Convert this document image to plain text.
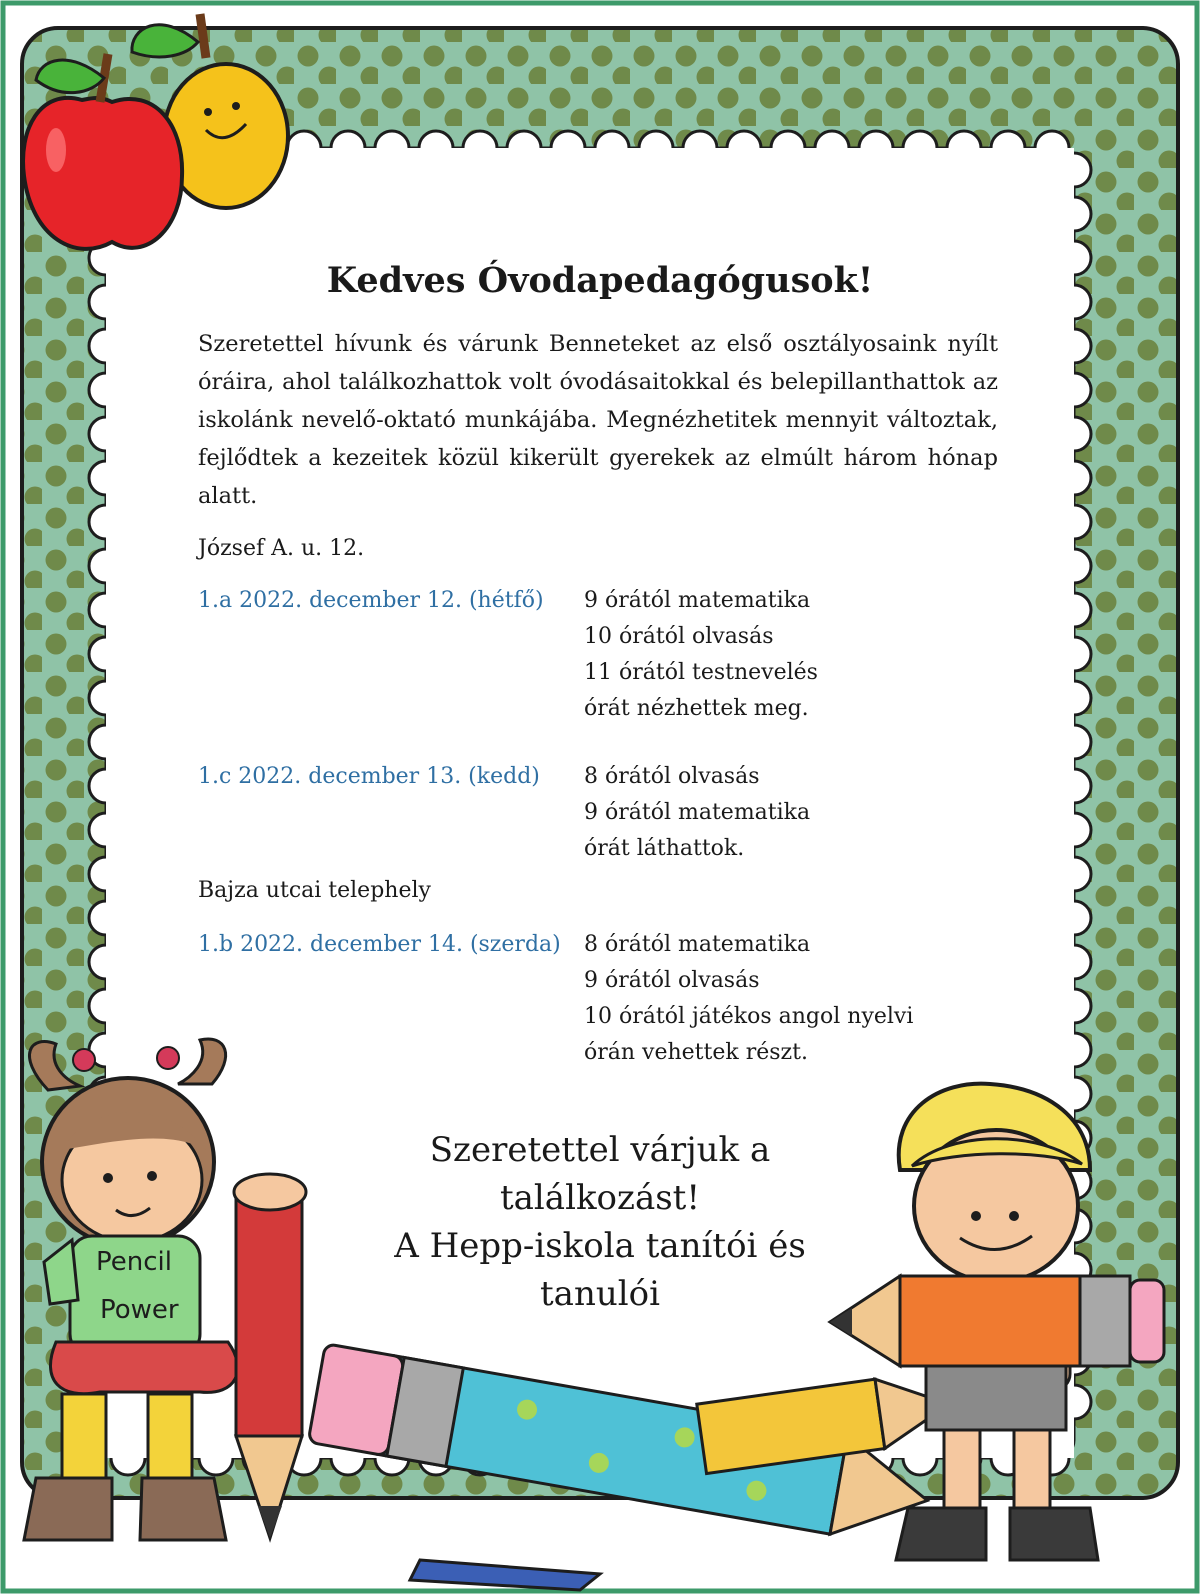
Pencil
Power
Kedves Óvodapedagógusok!

Szeretettel hívunk és várunk Benneteket az első osztályosaink nyílt óráira, ahol találkozhattok volt óvodásaitokkal és belepillanthattok az iskolánk nevelő-oktató munkájába. Megnézhetitek mennyit változtak, fejlődtek a kezeitek közül kikerült gyerekek az elmúlt három hónap alatt.

József A. u. 12.
1.a 2022. december 12. (hétfő) 9 órától matematika
10 órától olvasás
11 órától testnevelés
órát nézhettek meg.
1.c 2022. december 13. (kedd) 8 órától olvasás
9 órától matematika
órát láthattok.
Bajza utcai telephely
1.b 2022. december 14. (szerda) 8 órától matematika
9 órától olvasás
10 órától játékos angol nyelvi
órán vehettek részt.
Szeretettel várjuk a
találkozást!
A Hepp-iskola tanítói és
tanulói
